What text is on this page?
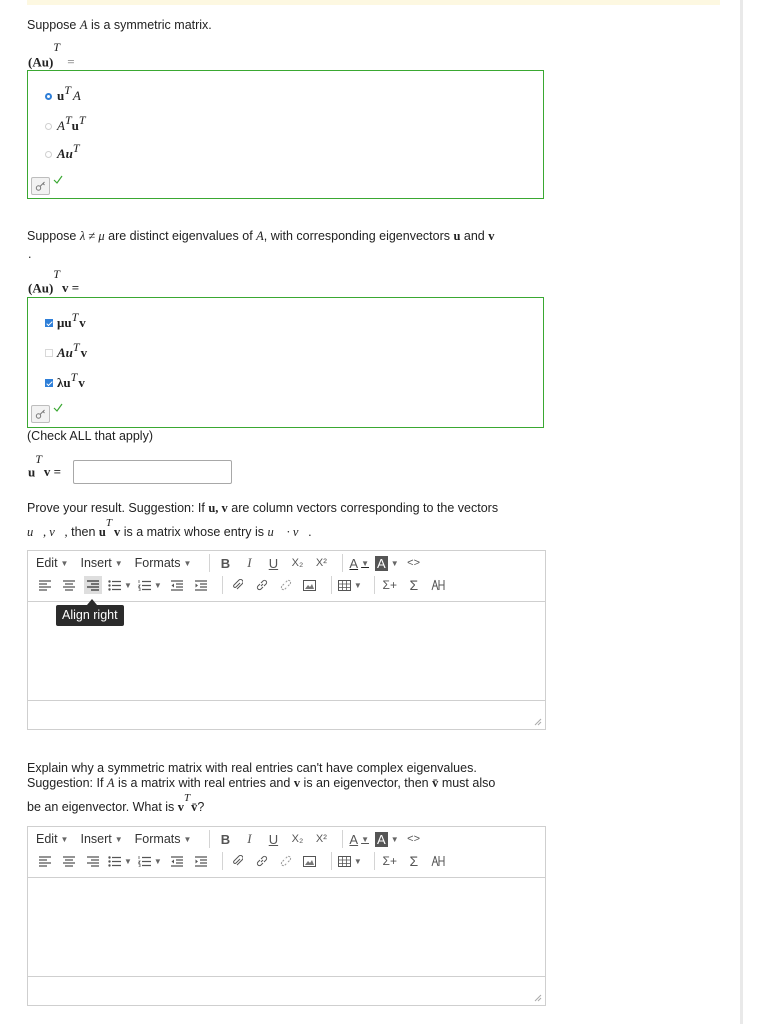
Suppose A is a symmetric matrix.
$(Au)^T$ =
$u^T$ A
$A^T$ $u^T$
$Au^T$
Suppose λ ≠ μ are distinct eigenvalues of A, with corresponding eigenvectors u and v
.
$(Au)^Tv$ =
$\mu u^T$ v
$Au^T$ v
$\lambda u^T$ v
(Check ALL that apply)
$u^Tv$ =
Prove your result. Suggestion: If u, v are column vectors corresponding to the vectors
u⃗, v⃗, then $u^Tv$ is a matrix whose entry is u⃗ · v⃗.
Edit ▼ Insert ▼ Formats ▼	B	I	U	X₂	X² A ▼ A ▼ <>
▼	▼	▼ Σ+ Σ
Align right
Explain why a symmetric matrix with real entries can't have complex eigenvalues.
Suggestion: If A is a matrix with real entries and v is an eigenvector, then v̄ must also
be an eigenvector. What is $v^Tv̄$?
Edit ▼ Insert ▼ Formats ▼	B	I	U	X₂	X² A ▼ A ▼ <>
▼	▼	▼ Σ+ Σ
